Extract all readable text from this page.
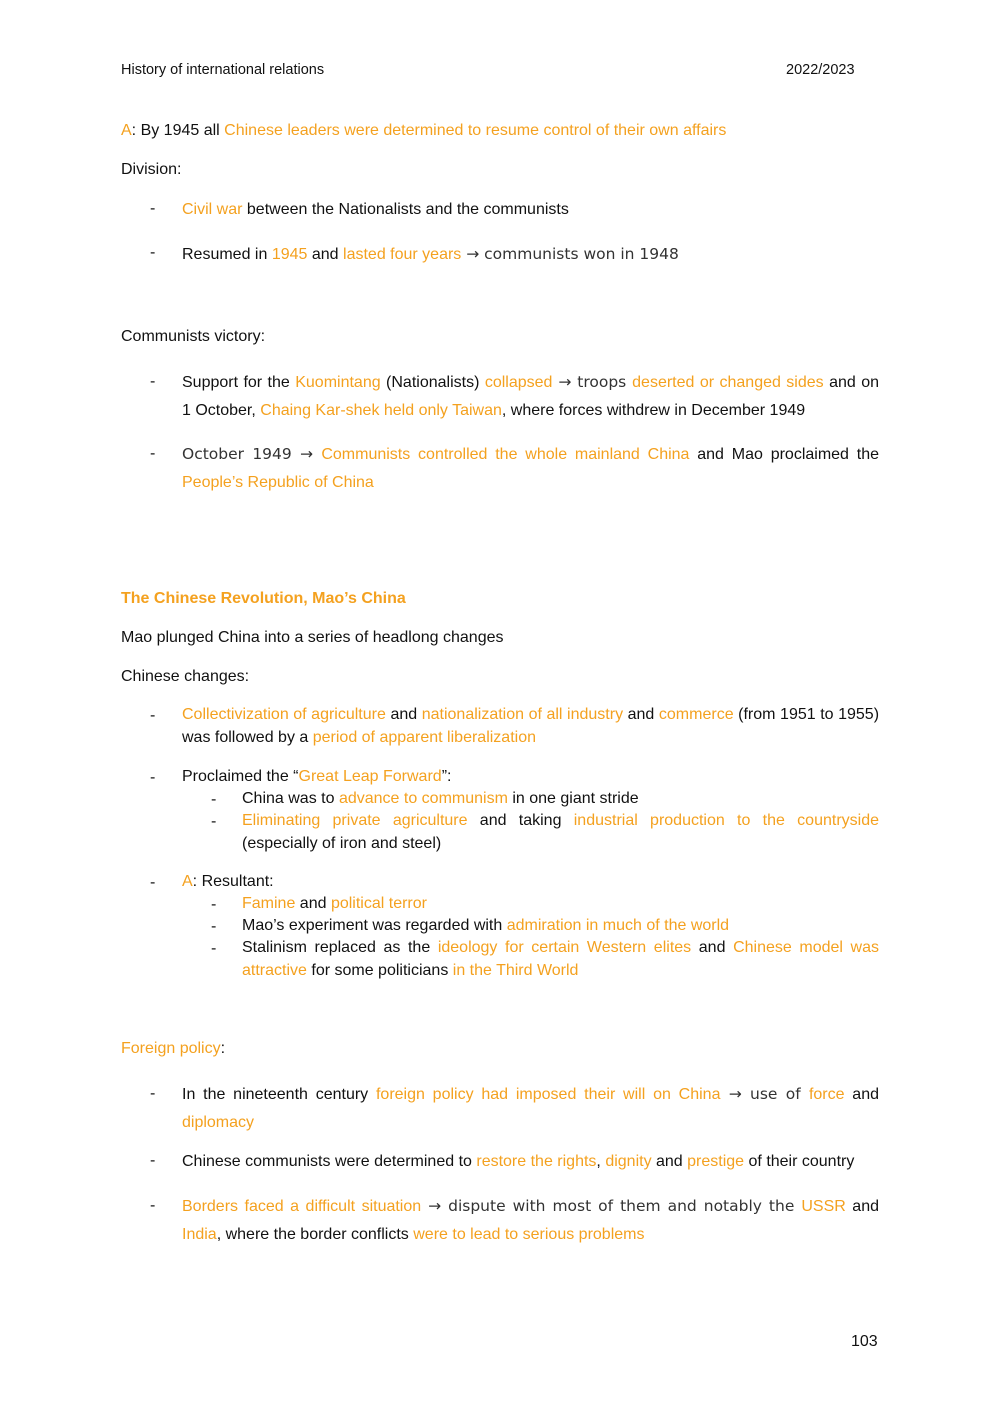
History of international relations	2022/2023
A: By 1945 all Chinese leaders were determined to resume control of their own affairs
Division:
- Civil war between the Nationalists and the communists
- Resumed in 1945 and lasted four years → communists won in 1948
Communists victory:
- Support for the Kuomintang (Nationalists) collapsed → troops deserted or changed sides and on 1 October, Chaing Kar-shek held only Taiwan, where forces withdrew in December 1949
- October 1949 → Communists controlled the whole mainland China and Mao proclaimed the People’s Republic of China
The Chinese Revolution, Mao’s China
Mao plunged China into a series of headlong changes
Chinese changes:
- Collectivization of agriculture and nationalization of all industry and commerce (from 1951 to 1955) was followed by a period of apparent liberalization
- Proclaimed the “Great Leap Forward”:
- China was to advance to communism in one giant stride
- Eliminating private agriculture and taking industrial production to the countryside (especially of iron and steel)
- A: Resultant:
- Famine and political terror
- Mao’s experiment was regarded with admiration in much of the world
- Stalinism replaced as the ideology for certain Western elites and Chinese model was attractive for some politicians in the Third World
Foreign policy:
- In the nineteenth century foreign policy had imposed their will on China → use of force and diplomacy
- Chinese communists were determined to restore the rights, dignity and prestige of their country
- Borders faced a difficult situation → dispute with most of them and notably the USSR and India, where the border conflicts were to lead to serious problems
103
